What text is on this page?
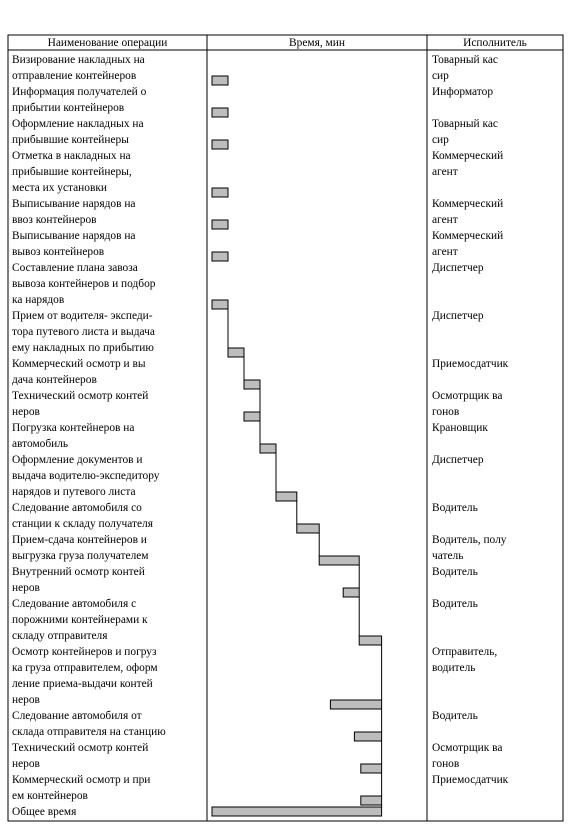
Визирование накладных на
отправление контейнеров
Товарный кас
сир
Информация получателей о
прибытии контейнеров
Информатор
Оформление накладных на
прибывшие контейнеры
Товарный кас
сир
Отметка в накладных на
прибывшие контейнеры,
места их установки
Коммерческий
агент
Выписывание нарядов на
ввоз контейнеров
Коммерческий
агент
Выписывание нарядов на
вывоз контейнеров
Коммерческий
агент
Составление плана завоза
вывоза контейнеров и подбор
ка нарядов
Диспетчер
Прием от водителя- экспеди-
тора путевого листа и выдача
ему накладных по прибытию
Диспетчер
Коммерческий осмотр и вы
дача контейнеров
Приемосдатчик
Технический осмотр контей
неров
Осмотрщик ва
гонов
Погрузка контейнеров на
автомобиль
Крановщик
Оформление документов и
выдача водителю-экспедитору
нарядов и путевого листа
Диспетчер
Следование автомобиля со
станции к складу получателя
Водитель
Прием-сдача контейнеров и
выгрузка груза получателем
Водитель, полу
чатель
Внутренний осмотр контей
неров
Водитель
Следование автомобиля с
порожними контейнерами к
складу отправителя
Водитель
Осмотр контейнеров и погруз
ка груза отправителем, оформ
ление приема-выдачи контей
неров
Отправитель,
водитель
Следование автомобиля от
склада отправителя на станцию
Водитель
Технический осмотр контей
неров
Осмотрщик ва
гонов
Коммерческий осмотр и при
ем контейнеров
Приемосдатчик
Общее время
Наименование операции	Время, мин	Исполнитель
